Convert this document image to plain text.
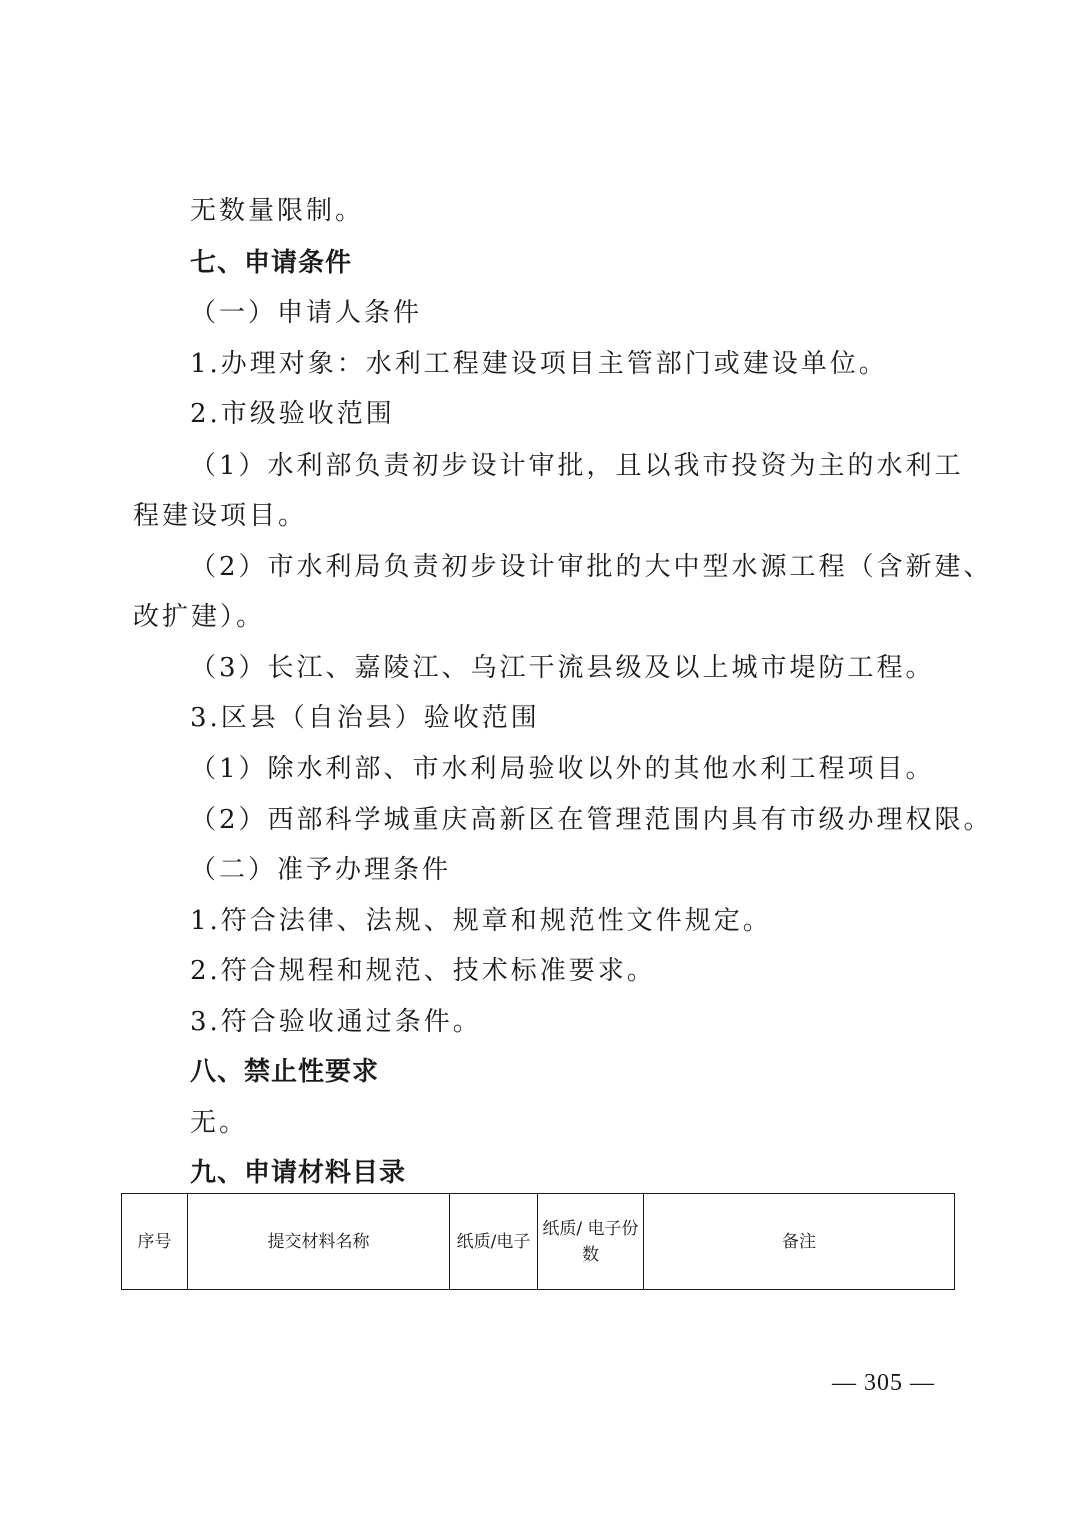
无数量限制。
七、申请条件
（一）申请人条件
1.办理对象：水利工程建设项目主管部门或建设单位。
2.市级验收范围
（1）水利部负责初步设计审批，且以我市投资为主的水利工
程建设项目。
（2）市水利局负责初步设计审批的大中型水源工程（含新建、
改扩建）。
（3）长江、嘉陵江、乌江干流县级及以上城市堤防工程。
3.区县（自治县）验收范围
（1）除水利部、市水利局验收以外的其他水利工程项目。
（2）西部科学城重庆高新区在管理范围内具有市级办理权限。
（二）准予办理条件
1.符合法律、法规、规章和规范性文件规定。
2.符合规程和规范、技术标准要求。
3.符合验收通过条件。
八、禁止性要求
无。
九、申请材料目录
序号	提交材料名称	纸质/电子	纸质/ 电子份数	备注
— 305 —
